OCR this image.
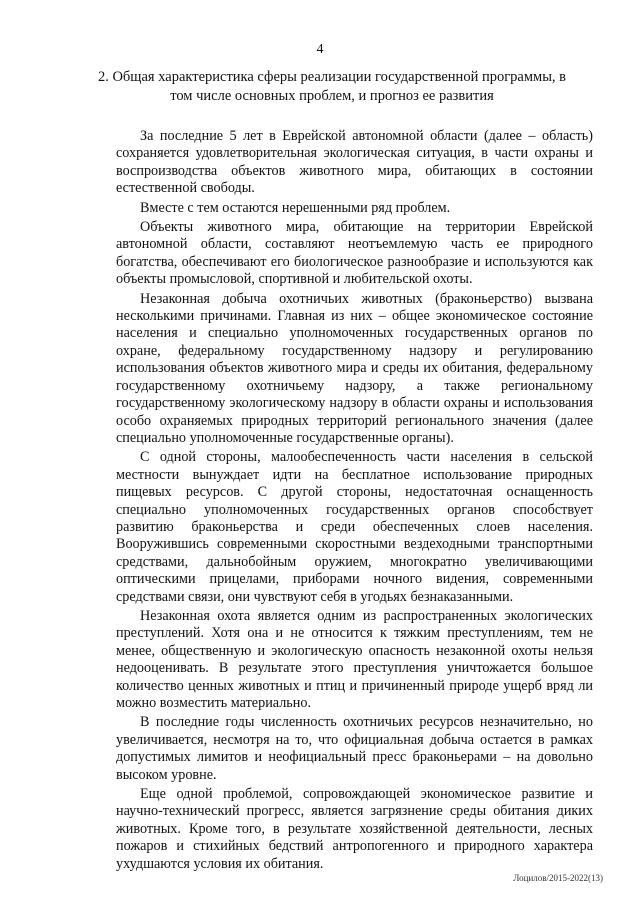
4
2. Общая характеристика сферы реализации государственной программы, в том числе основных проблем, и прогноз ее развития

За последние 5 лет в Еврейской автономной области (далее – область) сохраняется удовлетворительная экологическая ситуация, в части охраны и воспроизводства объектов животного мира, обитающих в состоянии естественной свободы.

Вместе с тем остаются нерешенными ряд проблем.

Объекты животного мира, обитающие на территории Еврейской автономной области, составляют неотъемлемую часть ее природного богатства, обеспечивают его биологическое разнообразие и используются как объекты промысловой, спортивной и любительской охоты.

Незаконная добыча охотничьих животных (браконьерство) вызвана несколькими причинами. Главная из них – общее экономическое состояние населения и специально уполномоченных государственных органов по охране, федеральному государственному надзору и регулированию использования объектов животного мира и среды их обитания, федеральному государственному охотничьему надзору, а также региональному государственному экологическому надзору в области охраны и использования особо охраняемых природных территорий регионального значения (далее специально уполномоченные государственные органы).

С одной стороны, малообеспеченность части населения в сельской местности вынуждает идти на бесплатное использование природных пищевых ресурсов. С другой стороны, недостаточная оснащенность специально уполномоченных государственных органов способствует развитию браконьерства и среди обеспеченных слоев населения. Вооружившись современными скоростными вездеходными транспортными средствами, дальнобойным оружием, многократно увеличивающими оптическими прицелами, приборами ночного видения, современными средствами связи, они чувствуют себя в угодьях безнаказанными.

Незаконная охота является одним из распространенных экологических преступлений. Хотя она и не относится к тяжким преступлениям, тем не менее, общественную и экологическую опасность незаконной охоты нельзя недооценивать. В результате этого преступления уничтожается большое количество ценных животных и птиц и причиненный природе ущерб вряд ли можно возместить материально.

В последние годы численность охотничьих ресурсов незначительно, но увеличивается, несмотря на то, что официальная добыча остается в рамках допустимых лимитов и неофициальный пресс браконьерами – на довольно высоком уровне.

Еще одной проблемой, сопровождающей экономическое развитие и научно-технический прогресс, является загрязнение среды обитания диких животных. Кроме того, в результате хозяйственной деятельности, лесных пожаров и стихийных бедствий антропогенного и природного характера ухудшаются условия их обитания.

Лоцилов/2015-2022(13)
